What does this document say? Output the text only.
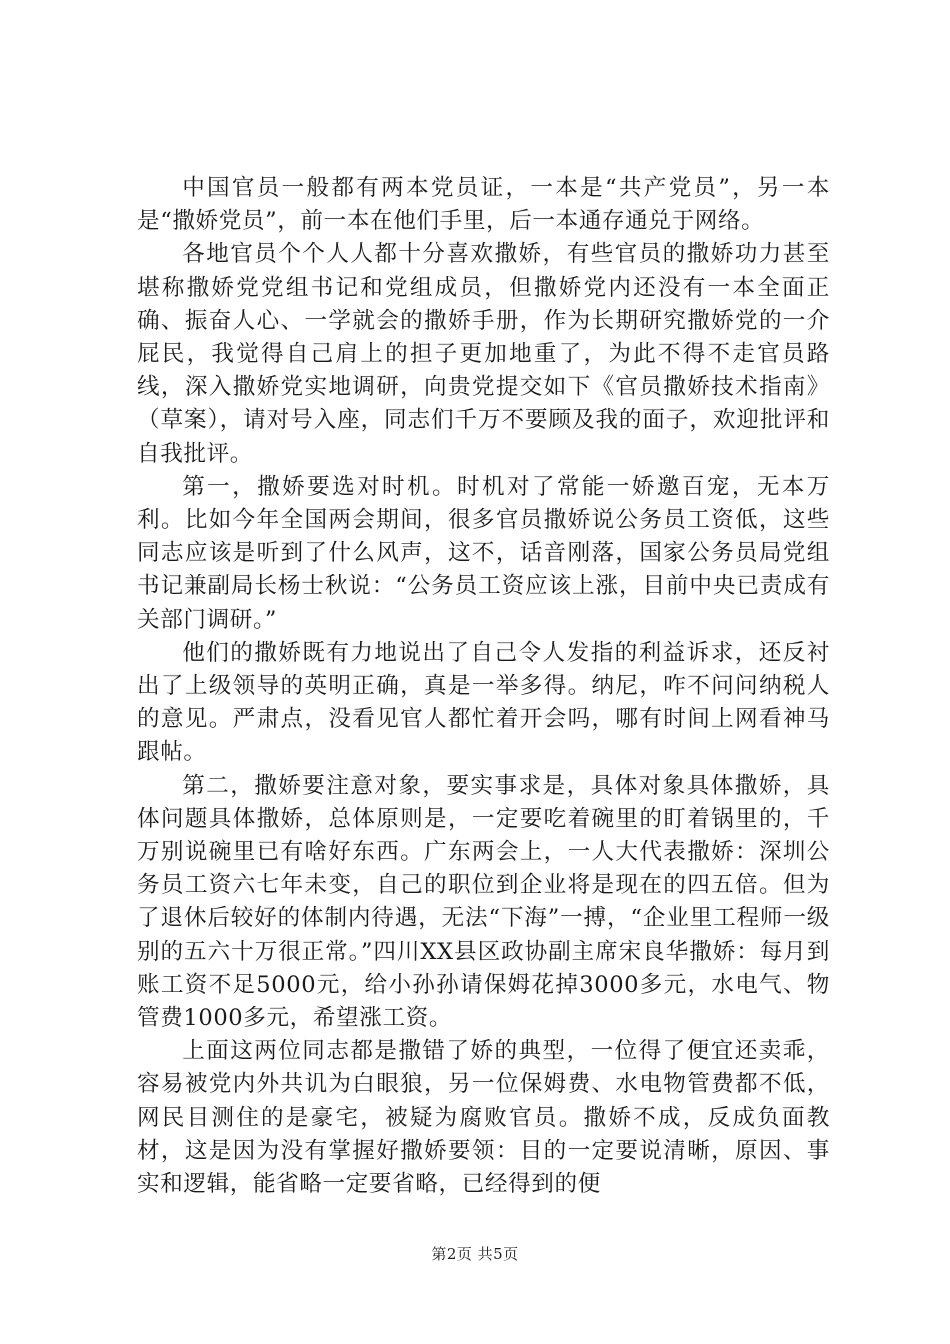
中国官员一般都有两本党员证，一本是“共产党员”，另一本是“撒娇党员”，前一本在他们手里，后一本通存通兑于网络。

各地官员个个人人都十分喜欢撒娇，有些官员的撒娇功力甚至堪称撒娇党党组书记和党组成员，但撒娇党内还没有一本全面正确、振奋人心、一学就会的撒娇手册，作为长期研究撒娇党的一介屁民，我觉得自己肩上的担子更加地重了，为此不得不走官员路线，深入撒娇党实地调研，向贵党提交如下《官员撒娇技术指南》（草案），请对号入座，同志们千万不要顾及我的面子，欢迎批评和自我批评。

第一，撒娇要选对时机。时机对了常能一娇邀百宠，无本万利。比如今年全国两会期间，很多官员撒娇说公务员工资低，这些同志应该是听到了什么风声，这不，话音刚落，国家公务员局党组书记兼副局长杨士秋说：“公务员工资应该上涨，目前中央已责成有关部门调研。”

他们的撒娇既有力地说出了自己令人发指的利益诉求，还反衬出了上级领导的英明正确，真是一举多得。纳尼，咋不问问纳税人的意见。严肃点，没看见官人都忙着开会吗，哪有时间上网看神马跟帖。

第二，撒娇要注意对象，要实事求是，具体对象具体撒娇，具体问题具体撒娇，总体原则是，一定要吃着碗里的盯着锅里的，千万别说碗里已有啥好东西。广东两会上，一人大代表撒娇：深圳公务员工资六七年未变，自己的职位到企业将是现在的四五倍。但为了退休后较好的体制内待遇，无法“下海”一搏，“企业里工程师一级别的五六十万很正常。”四川XX县区政协副主席宋良华撒娇：每月到账工资不足5000元，给小孙孙请保姆花掉3000多元，水电气、物管费1000多元，希望涨工资。

上面这两位同志都是撒错了娇的典型，一位得了便宜还卖乖，容易被党内外共讥为白眼狼，另一位保姆费、水电物管费都不低，网民目测住的是豪宅，被疑为腐败官员。撒娇不成，反成负面教材，这是因为没有掌握好撒娇要领：目的一定要说清晰，原因、事实和逻辑，能省略一定要省略，已经得到的便

第2页 共5页
